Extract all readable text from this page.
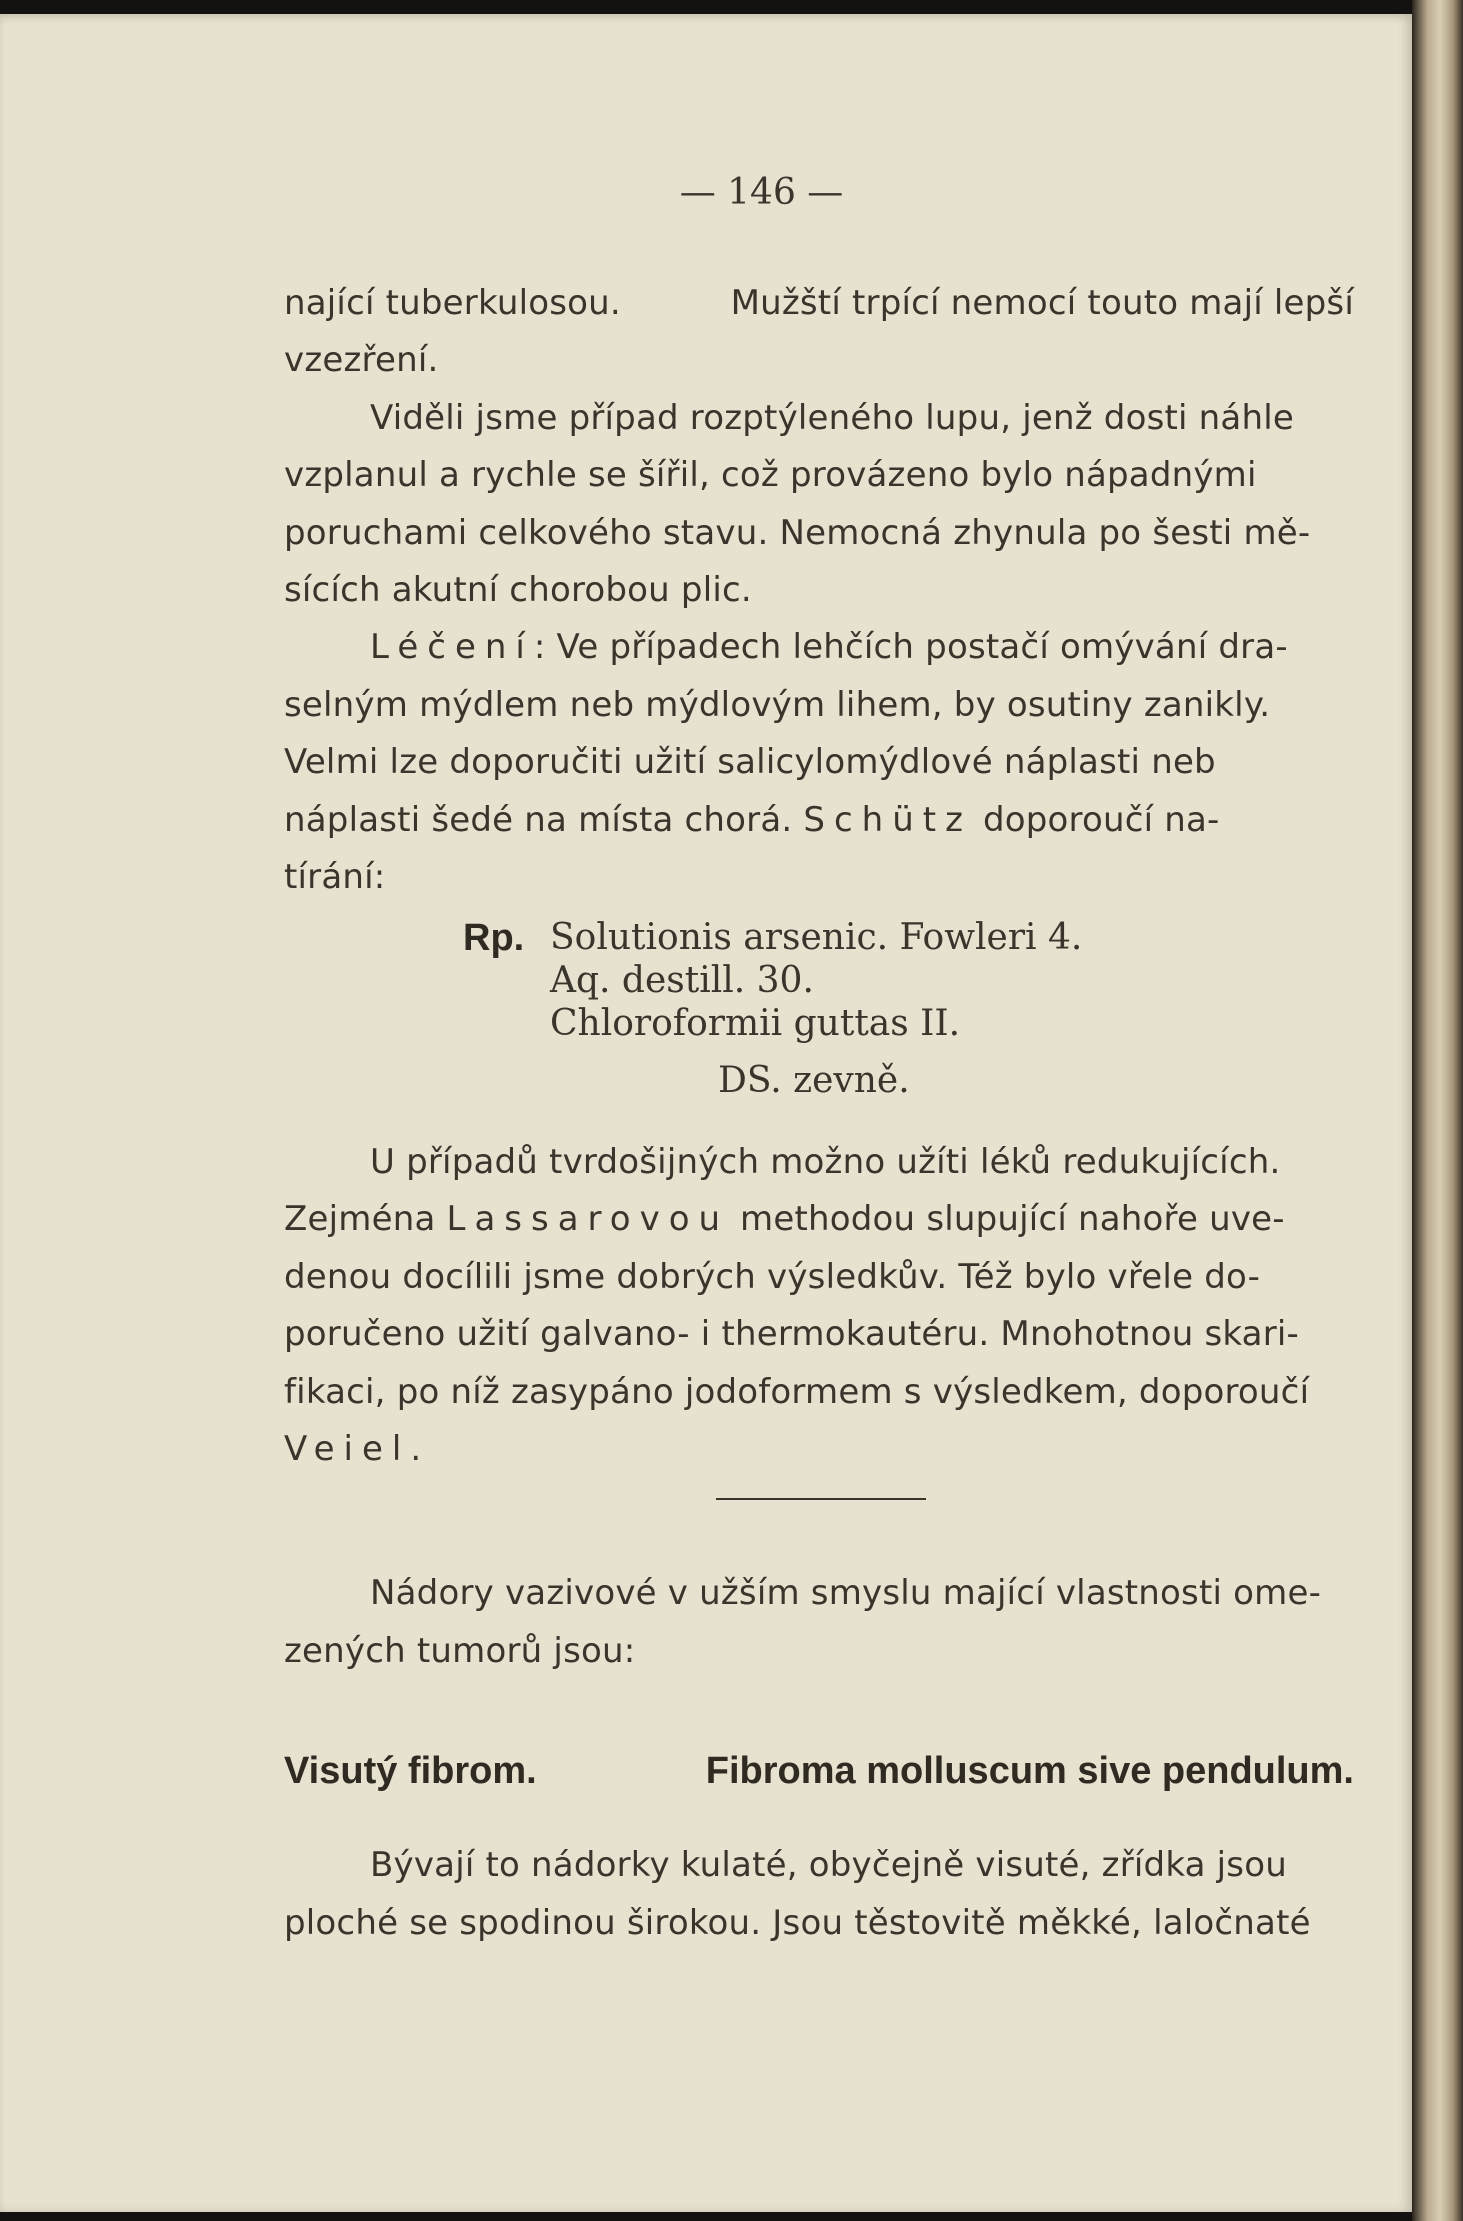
— 146 —
nající tuberkulosou.	Mužští trpící nemocí touto mají lepší
vzezření.
Viděli jsme případ rozptýleného lupu, jenž dosti náhle
vzplanul a rychle se šířil, což provázeno bylo nápadnými
poruchami celkového stavu. Nemocná zhynula po šesti mě-
sících akutní chorobou plic.
Léčení: Ve případech lehčích postačí omývání dra-
selným mýdlem neb mýdlovým lihem, by osutiny zanikly.
Velmi lze doporučiti užití salicylomýdlové náplasti neb
náplasti šedé na místa chorá. Schütz doporoučí na-
tírání:
Rp. Solutionis arsenic. Fowleri 4.
Aq. destill. 30.
Chloroformii guttas II.
DS. zevně.
U případů tvrdošijných možno užíti léků redukujících.
Zejména Lassarovou methodou slupující nahoře uve-
denou docílili jsme dobrých výsledkův. Též bylo vřele do-
poručeno užití galvano- i thermokautéru. Mnohotnou skari-
fikaci, po níž zasypáno jodoformem s výsledkem, doporoučí
Veiel.
Nádory vazivové v užším smyslu mající vlastnosti ome-
zených tumorů jsou:
Visutý fibrom.	Fibroma molluscum sive pendulum.
Bývají to nádorky kulaté, obyčejně visuté, zřídka jsou
ploché se spodinou širokou. Jsou těstovitě měkké, laločnaté
